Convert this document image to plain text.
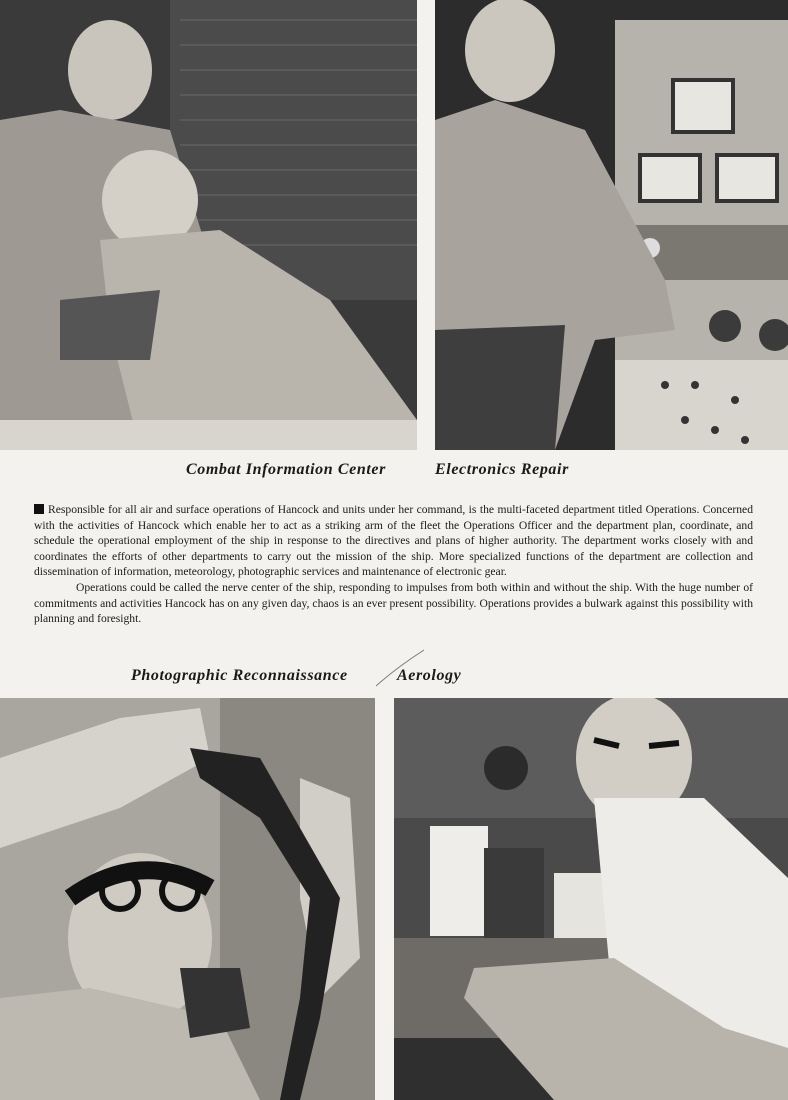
Combat Information Center	Electronics Repair

Responsible for all air and surface operations of Hancock and units under her command, is the multi-faceted department titled Operations. Concerned with the activities of Hancock which enable her to act as a striking arm of the fleet the Operations Officer and the department plan, coordinate, and schedule the operational employment of the ship in response to the directives and plans of higher authority. The department works closely with and coordinates the efforts of other departments to carry out the mission of the ship. More specialized functions of the department are collection and dissemination of information, meteorology, photographic services and maintenance of electronic gear.

Operations could be called the nerve center of the ship, responding to impulses from both within and without the ship. With the huge number of commitments and activities Hancock has on any given day, chaos is an ever present possibility. Operations provides a bulwark against this possibility with planning and foresight.

Photographic Reconnaissance	Aerology
